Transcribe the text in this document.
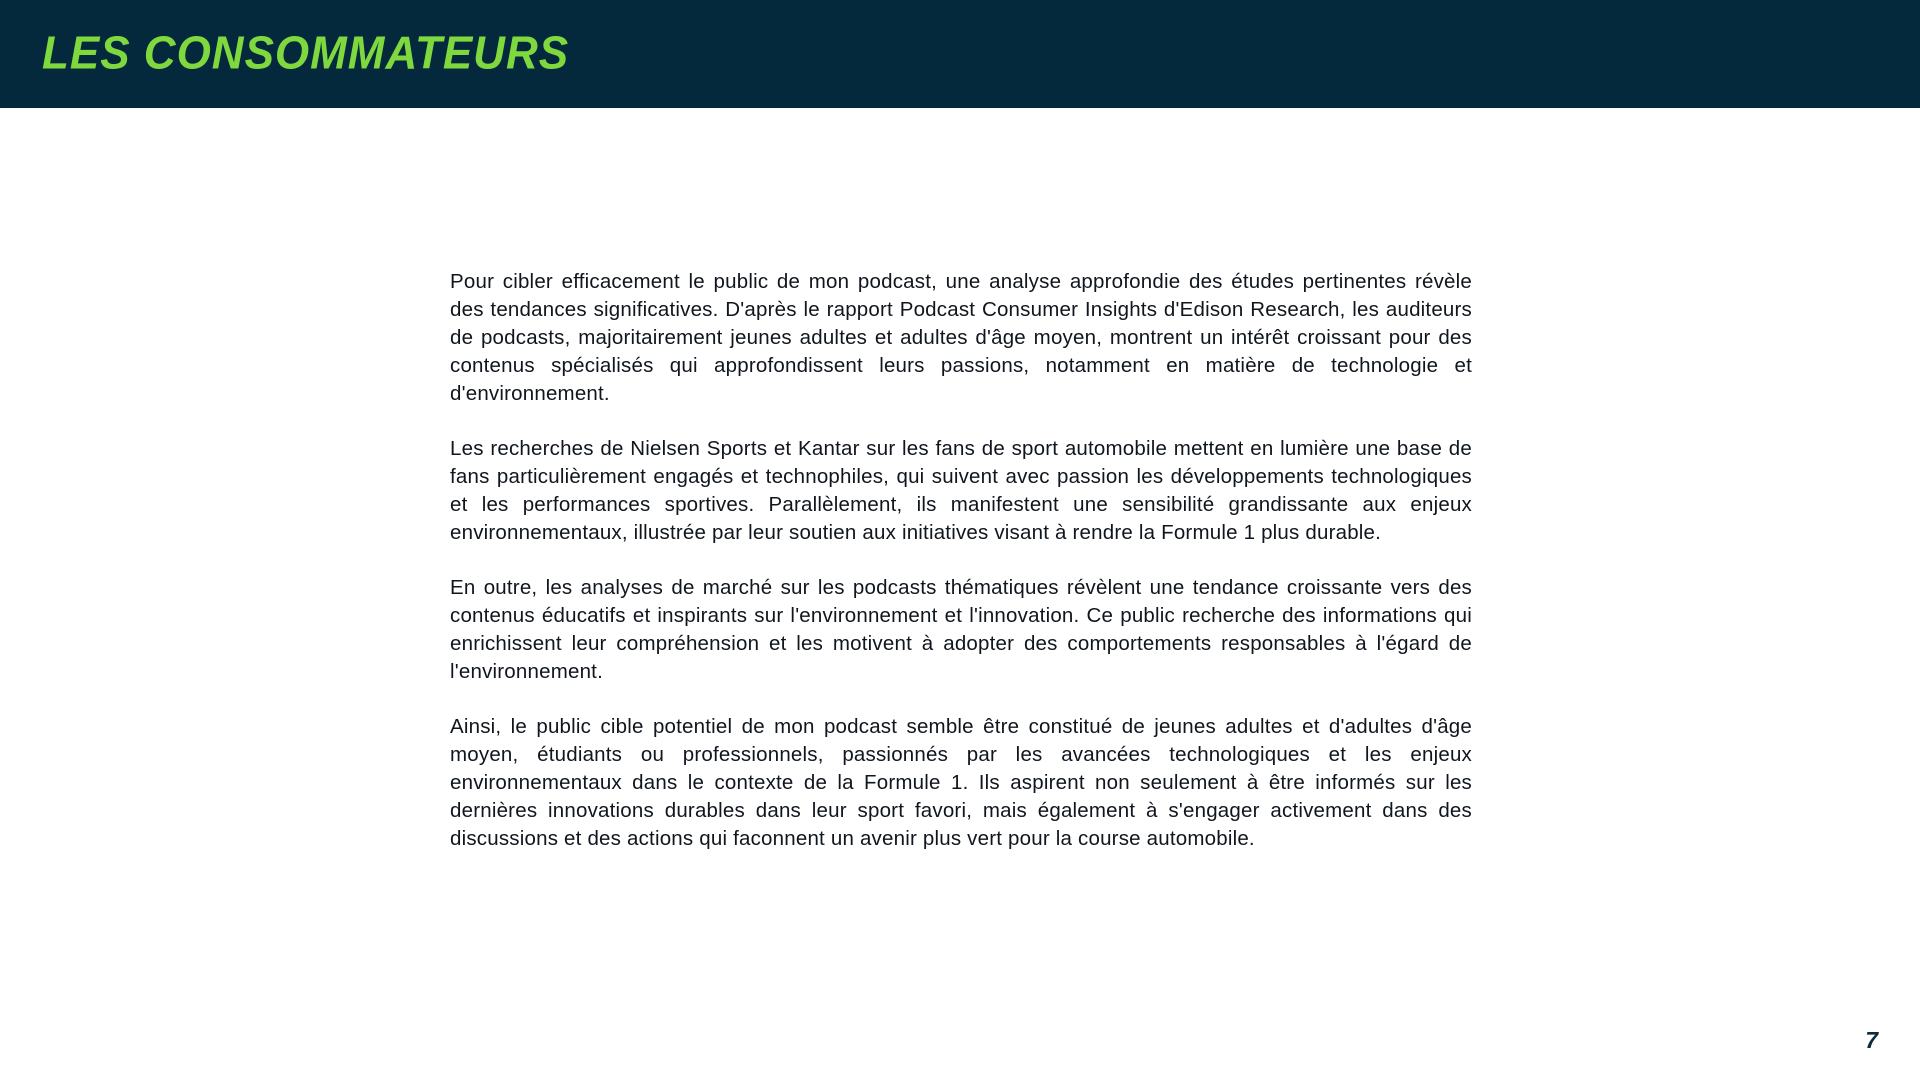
LES CONSOMMATEURS

Pour cibler efficacement le public de mon podcast, une analyse approfondie des études pertinentes révèle des tendances significatives. D'après le rapport Podcast Consumer Insights d'Edison Research, les auditeurs de podcasts, majoritairement jeunes adultes et adultes d'âge moyen, montrent un intérêt croissant pour des contenus spécialisés qui approfondissent leurs passions, notamment en matière de technologie et d'environnement.

Les recherches de Nielsen Sports et Kantar sur les fans de sport automobile mettent en lumière une base de fans particulièrement engagés et technophiles, qui suivent avec passion les développements technologiques et les performances sportives. Parallèlement, ils manifestent une sensibilité grandissante aux enjeux environnementaux, illustrée par leur soutien aux initiatives visant à rendre la Formule 1 plus durable.

En outre, les analyses de marché sur les podcasts thématiques révèlent une tendance croissante vers des contenus éducatifs et inspirants sur l'environnement et l'innovation. Ce public recherche des informations qui enrichissent leur compréhension et les motivent à adopter des comportements responsables à l'égard de l'environnement.

Ainsi, le public cible potentiel de mon podcast semble être constitué de jeunes adultes et d'adultes d'âge moyen, étudiants ou professionnels, passionnés par les avancées technologiques et les enjeux environnementaux dans le contexte de la Formule 1. Ils aspirent non seulement à être informés sur les dernières innovations durables dans leur sport favori, mais également à s'engager activement dans des discussions et des actions qui faconnent un avenir plus vert pour la course automobile.

7
